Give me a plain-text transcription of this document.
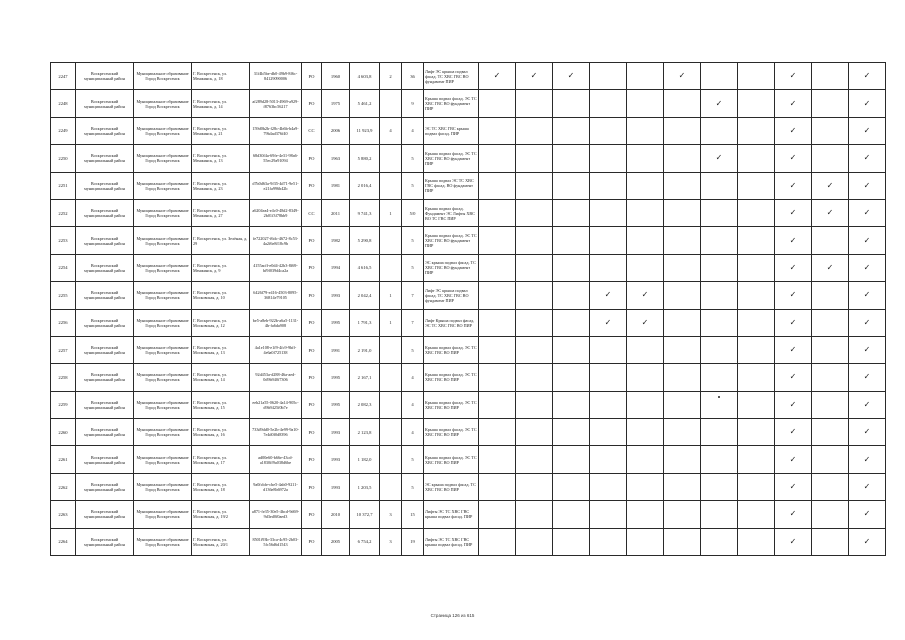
2247	Воскресенский муниципальный район	Муниципальное образование Город Воскресенск	Г. Воскресенск, ул. Менжинск, д. 18	31f4b5be-db0-49b9-8f6c-84129090006	РО	1960	4 603,8	2	36	Лифт ЭС крыша подвал фасад. ТС ХВС ГВС ВО фундамент ПИР	✓	✓	✓			✓			✓		✓
2248	Воскресенский муниципальный район	Муниципальное образование Город Воскресенск	Г. Воскресенск, ул. Менжинск, д. 14	af289d28-5013-4969-a929-f8763bc56217	РО	1975	5 461,2		9	Крыша подвал фасад. ЭС ТС ХВС ГВС ВО фундамент ПИР							✓		✓		✓
2249	Воскресенский муниципальный район	Муниципальное образование Город Воскресенск	Г. Воскресенск, ул. Менжинск, д. 21	159d0b2b-f28c-4b6b-b4a9-79b4ad376f40	СС	2006	11 923,9	4	4	ЭС ТС ХВС ГВС крыша подвал фасад. ПИР									✓		✓
2250	Воскресенский муниципальный район	Муниципальное образование Город Воскресенск	Г. Воскресенск, ул. Менжинск, д. 13	68d30f4a-69fe-4e31-98a6-55ec29a91094	РО	1963	5 880,2		5	Крыша подвал фасад. ЭС ТС ХВС ГВС ВО фундамент ПИР							✓		✓		✓
2251	Воскресенский муниципальный район	Муниципальное образование Город Воскресенск	Г. Воскресенск, ул. Менжинск, д. 23	d7b0d63a-9f35-4d71-9e51-e21fa996b42b	РО	1981	2 016,4		5	Крыша подвал ЭС ТС ХВС ГВС фасад. ВО фундамент ПИР									✓	✓	✓
2252	Воскресенский муниципальный район	Муниципальное образование Город Воскресенск	Г. Воскресенск, ул. Менжинск, д. 27	a6204ea4-e4c0-48d2-8349-2b01f3f78bb9	СС	2011	9 741,3	1	5/0	Крыша подвал фасад. Фундамент ЭС Лифты ХВС ВО ТС ГВС ПИР									✓	✓	✓
2253	Воскресенский муниципальный район	Муниципальное образование Город Воскресенск	Г. Воскресенск, ул. Зелёная, д. 29	fe722027-f6dc-4672-8c53-4a2f6e8f18c9b	РО	1982	5 290,8		5	Крыша подвал фасад. ЭС ТС ХВС ГВС ВО фундамент ПИР									✓		✓
2254	Воскресенский муниципальный район	Муниципальное образование Город Воскресенск	Г. Воскресенск, ул. Менжинск, д. 9	4155acff-e0d4-42b3-8f69-bf9f039d4ca2a	РО	1994	4 616,5		5	ЭС крыша подвал фасад. ТС ХВС ГВС ВО фундамент ПИР									✓	✓	✓
2255	Воскресенский муниципальный район	Муниципальное образование Город Воскресенск	Г. Воскресенск, ул. Московская, д. 10	6426f79-e416-4503-8095-36814e79105	РО	1993	2 042,4	1	7	Лифт ЭС крыша подвал фасад. ТС ХВС ГВС ВО фундамент ПИР				✓	✓				✓		✓
2256	Воскресенский муниципальный район	Муниципальное образование Город Воскресенск	Г. Воскресенск, ул. Московская, д. 12	be5-a8eb-922b-a6a5-1131-4b-fa6da908	РО	1995	1 791,3	1	7	Лифт Крыша подвал фасад. ЭС ТС ХВС ГВС ВО ПИР				✓	✓				✓		✓
2257	Воскресенский муниципальный район	Муниципальное образование Город Воскресенск	Г. Воскресенск, ул. Московская, д. 13	4a1e108-e1f9-4fc9-9bff-4e6a0f725138	РО	1991	2 191,0		5	Крыша подвал фасад. ЭС ТС ХВС ГВС ВО ПИР									✓		✓
2258	Воскресенский муниципальный район	Муниципальное образование Город Воскресенск	Г. Воскресенск, ул. Московская, д. 14	92d453a-d288-46a-aed-0d9b940f7306	РО	1995	2 167,1		4	Крыша подвал фасад. ЭС ТС ХВС ГВС ВО ПИР									✓		✓
2259	Воскресенский муниципальный район	Муниципальное образование Город Воскресенск	Г. Воскресенск, ул. Московская, д. 15	eeb21a55-0620-4a14-905c-d9b9425f0b7e	РО	1995	2 082,3		4	Крыша подвал фасад. ЭС ТС ХВС ГВС ВО ПИР									✓		✓
2260	Воскресенский муниципальный район	Муниципальное образование Город Воскресенск	Г. Воскресенск, ул. Московская, д. 16	733d9dd0-5e2b-4e99-9a10-7e4d0f0d8396	РО	1993	2 123,8		4	Крыша подвал фасад. ЭС ТС ХВС ГВС ВО ПИР									✓		✓
2261	Воскресенский муниципальный район	Муниципальное образование Город Воскресенск	Г. Воскресенск, ул. Московская, д. 17	ad00e60-b66e-43cd-a1830ff9a038d6be	РО	1993	1 182,0		5	Крыша подвал фасад. ЭС ТС ХВС ГВС ВО ПИР									✓		✓
2262	Воскресенский муниципальный район	Муниципальное образование Город Воскресенск	Г. Воскресенск, ул. Московская, д. 18	9a0fcbfe-cbe5-4ab0-9211-d136e8b6972a	РО	1993	1 203,5		5	ЭС крыша подвал фасад. ТС ХВС ГВС ВО ПИР									✓		✓
2263	Воскресенский муниципальный район	Муниципальное образование Город Воскресенск	Г. Воскресенск, ул. Московская, д. 19/2	a871-fe35-30e5-4bcd-9d69-9d3ed0f0aed3	РО	2010	10 372,7	3	15	Лифты ЭС ТС ХВС ГВС крыша подвал фасад. ПИР									✓		✓
2264	Воскресенский муниципальный район	Муниципальное образование Город Воскресенск	Г. Воскресенск, ул. Московская, д. 20/1	8501f93b-33ca-4c95-2b03-5fc56d6d1543	РО	2005	6 754,2	3	19	Лифты ЭС ТС ХВС ГВС крыша подвал фасад. ПИР									✓		✓
Страница 126 из 615
